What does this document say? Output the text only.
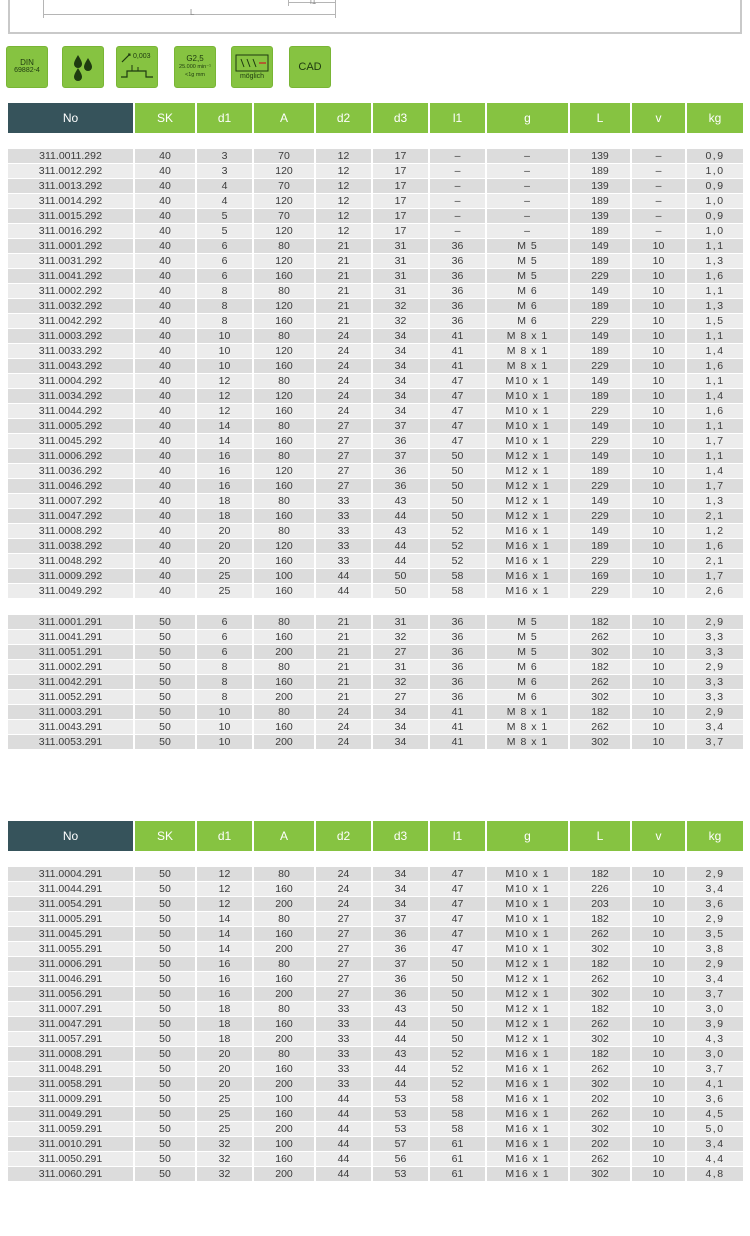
L
l1
DIN
69882-4
0,003	G2,5
25.000 min⁻¹
<1g mm	möglich
CAD
No	SK	d1	A	d2	d3	l1	g	L	v	kg

311.0011.292	40	3	70	12	17	–	–	139	–	0,9
311.0012.292	40	3	120	12	17	–	–	189	–	1,0
311.0013.292	40	4	70	12	17	–	–	139	–	0,9
311.0014.292	40	4	120	12	17	–	–	189	–	1,0
311.0015.292	40	5	70	12	17	–	–	139	–	0,9
311.0016.292	40	5	120	12	17	–	–	189	–	1,0
311.0001.292	40	6	80	21	31	36	M 5	149	10	1,1
311.0031.292	40	6	120	21	31	36	M 5	189	10	1,3
311.0041.292	40	6	160	21	31	36	M 5	229	10	1,6
311.0002.292	40	8	80	21	31	36	M 6	149	10	1,1
311.0032.292	40	8	120	21	32	36	M 6	189	10	1,3
311.0042.292	40	8	160	21	32	36	M 6	229	10	1,5
311.0003.292	40	10	80	24	34	41	M 8 x 1	149	10	1,1
311.0033.292	40	10	120	24	34	41	M 8 x 1	189	10	1,4
311.0043.292	40	10	160	24	34	41	M 8 x 1	229	10	1,6
311.0004.292	40	12	80	24	34	47	M10 x 1	149	10	1,1
311.0034.292	40	12	120	24	34	47	M10 x 1	189	10	1,4
311.0044.292	40	12	160	24	34	47	M10 x 1	229	10	1,6
311.0005.292	40	14	80	27	37	47	M10 x 1	149	10	1,1
311.0045.292	40	14	160	27	36	47	M10 x 1	229	10	1,7
311.0006.292	40	16	80	27	37	50	M12 x 1	149	10	1,1
311.0036.292	40	16	120	27	36	50	M12 x 1	189	10	1,4
311.0046.292	40	16	160	27	36	50	M12 x 1	229	10	1,7
311.0007.292	40	18	80	33	43	50	M12 x 1	149	10	1,3
311.0047.292	40	18	160	33	44	50	M12 x 1	229	10	2,1
311.0008.292	40	20	80	33	43	52	M16 x 1	149	10	1,2
311.0038.292	40	20	120	33	44	52	M16 x 1	189	10	1,6
311.0048.292	40	20	160	33	44	52	M16 x 1	229	10	2,1
311.0009.292	40	25	100	44	50	58	M16 x 1	169	10	1,7
311.0049.292	40	25	160	44	50	58	M16 x 1	229	10	2,6

311.0001.291	50	6	80	21	31	36	M 5	182	10	2,9
311.0041.291	50	6	160	21	32	36	M 5	262	10	3,3
311.0051.291	50	6	200	21	27	36	M 5	302	10	3,3
311.0002.291	50	8	80	21	31	36	M 6	182	10	2,9
311.0042.291	50	8	160	21	32	36	M 6	262	10	3,3
311.0052.291	50	8	200	21	27	36	M 6	302	10	3,3
311.0003.291	50	10	80	24	34	41	M 8 x 1	182	10	2,9
311.0043.291	50	10	160	24	34	41	M 8 x 1	262	10	3,4
311.0053.291	50	10	200	24	34	41	M 8 x 1	302	10	3,7
No	SK	d1	A	d2	d3	l1	g	L	v	kg

311.0004.291	50	12	80	24	34	47	M10 x 1	182	10	2,9
311.0044.291	50	12	160	24	34	47	M10 x 1	226	10	3,4
311.0054.291	50	12	200	24	34	47	M10 x 1	203	10	3,6
311.0005.291	50	14	80	27	37	47	M10 x 1	182	10	2,9
311.0045.291	50	14	160	27	36	47	M10 x 1	262	10	3,5
311.0055.291	50	14	200	27	36	47	M10 x 1	302	10	3,8
311.0006.291	50	16	80	27	37	50	M12 x 1	182	10	2,9
311.0046.291	50	16	160	27	36	50	M12 x 1	262	10	3,4
311.0056.291	50	16	200	27	36	50	M12 x 1	302	10	3,7
311.0007.291	50	18	80	33	43	50	M12 x 1	182	10	3,0
311.0047.291	50	18	160	33	44	50	M12 x 1	262	10	3,9
311.0057.291	50	18	200	33	44	50	M12 x 1	302	10	4,3
311.0008.291	50	20	80	33	43	52	M16 x 1	182	10	3,0
311.0048.291	50	20	160	33	44	52	M16 x 1	262	10	3,7
311.0058.291	50	20	200	33	44	52	M16 x 1	302	10	4,1
311.0009.291	50	25	100	44	53	58	M16 x 1	202	10	3,6
311.0049.291	50	25	160	44	53	58	M16 x 1	262	10	4,5
311.0059.291	50	25	200	44	53	58	M16 x 1	302	10	5,0
311.0010.291	50	32	100	44	57	61	M16 x 1	202	10	3,4
311.0050.291	50	32	160	44	56	61	M16 x 1	262	10	4,4
311.0060.291	50	32	200	44	53	61	M16 x 1	302	10	4,8
